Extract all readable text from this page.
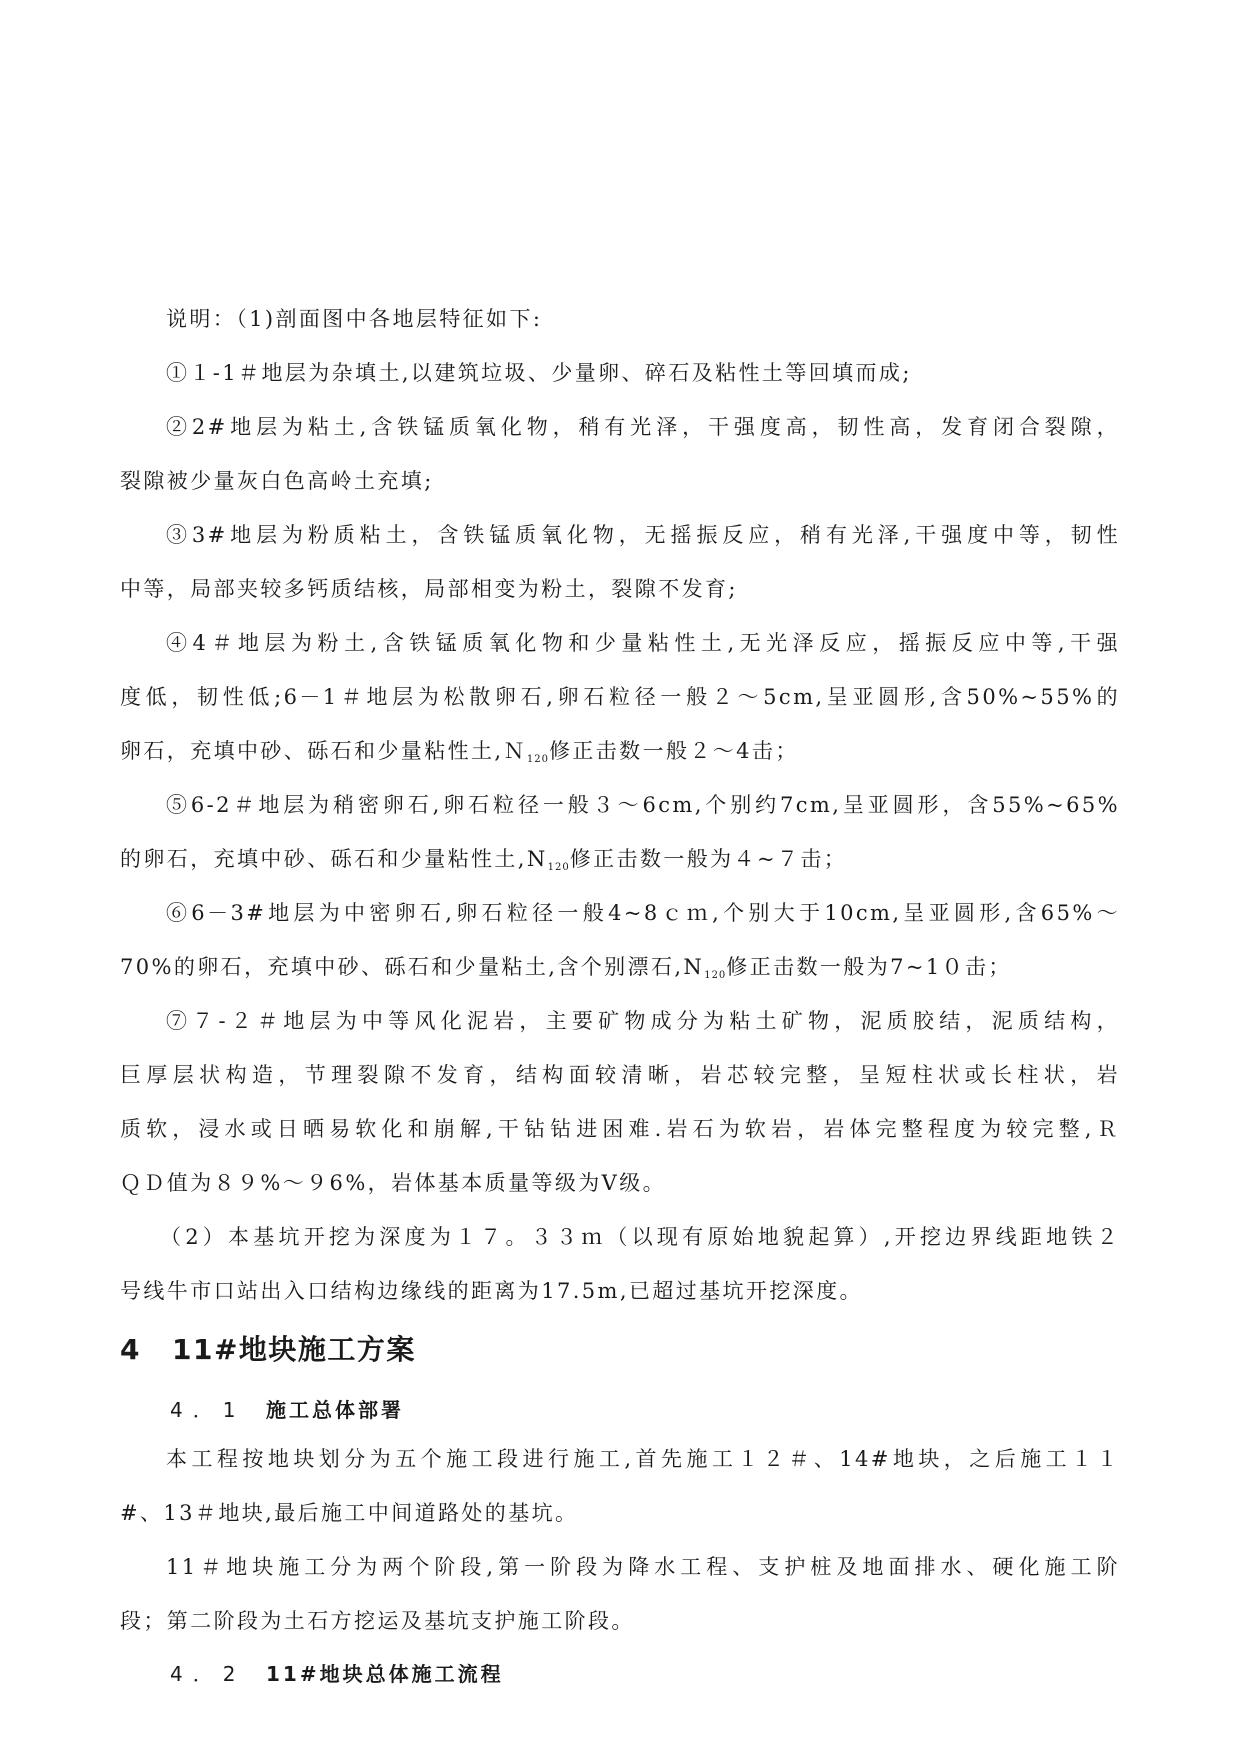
说明：（1)剖面图中各地层特征如下:
①１-1＃地层为杂填土,以建筑垃圾、少量卵、碎石及粘性土等回填而成;
②2#地层为粘土,含铁锰质氧化物，稍有光泽，干强度高，韧性高，发育闭合裂隙，
裂隙被少量灰白色高岭土充填;
③3#地层为粉质粘土，含铁锰质氧化物，无摇振反应，稍有光泽,干强度中等，韧性
中等，局部夹较多钙质结核，局部相变为粉土，裂隙不发育;
④4＃地层为粉土,含铁锰质氧化物和少量粘性土,无光泽反应，摇振反应中等,干强
度低，韧性低;6－1＃地层为松散卵石,卵石粒径一般２～5cm,呈亚圆形,含50%~55%的
卵石，充填中砂、砾石和少量粘性土,Ｎ120修正击数一般２～4击；
⑤6-2＃地层为稍密卵石,卵石粒径一般３～6cm,个别约7cm,呈亚圆形，含55%~65%
的卵石，充填中砂、砾石和少量粘性土,N120修正击数一般为４~７击；
⑥6－3#地层为中密卵石,卵石粒径一般4~8ｃｍ,个别大于10cm,呈亚圆形,含65%～
70%的卵石，充填中砂、砾石和少量粘土,含个别漂石,N120修正击数一般为7~1０击；
⑦７-２＃地层为中等风化泥岩，主要矿物成分为粘土矿物，泥质胶结，泥质结构，
巨厚层状构造，节理裂隙不发育，结构面较清晰，岩芯较完整，呈短柱状或长柱状，岩
质软，浸水或日晒易软化和崩解,干钻钻进困难.岩石为软岩，岩体完整程度为较完整,Ｒ
ＱＤ值为８９%～９6%，岩体基本质量等级为Ⅴ级。
（2）本基坑开挖为深度为１７。３３ｍ（以现有原始地貌起算）,开挖边界线距地铁２
号线牛市口站出入口结构边缘线的距离为17.5m,已超过基坑开挖深度。
4 11#地块施工方案
4．1 施工总体部署
本工程按地块划分为五个施工段进行施工,首先施工１２＃、14#地块，之后施工１１
#、13＃地块,最后施工中间道路处的基坑。
11＃地块施工分为两个阶段,第一阶段为降水工程、支护桩及地面排水、硬化施工阶
段；第二阶段为土石方挖运及基坑支护施工阶段。
4．2 11#地块总体施工流程
